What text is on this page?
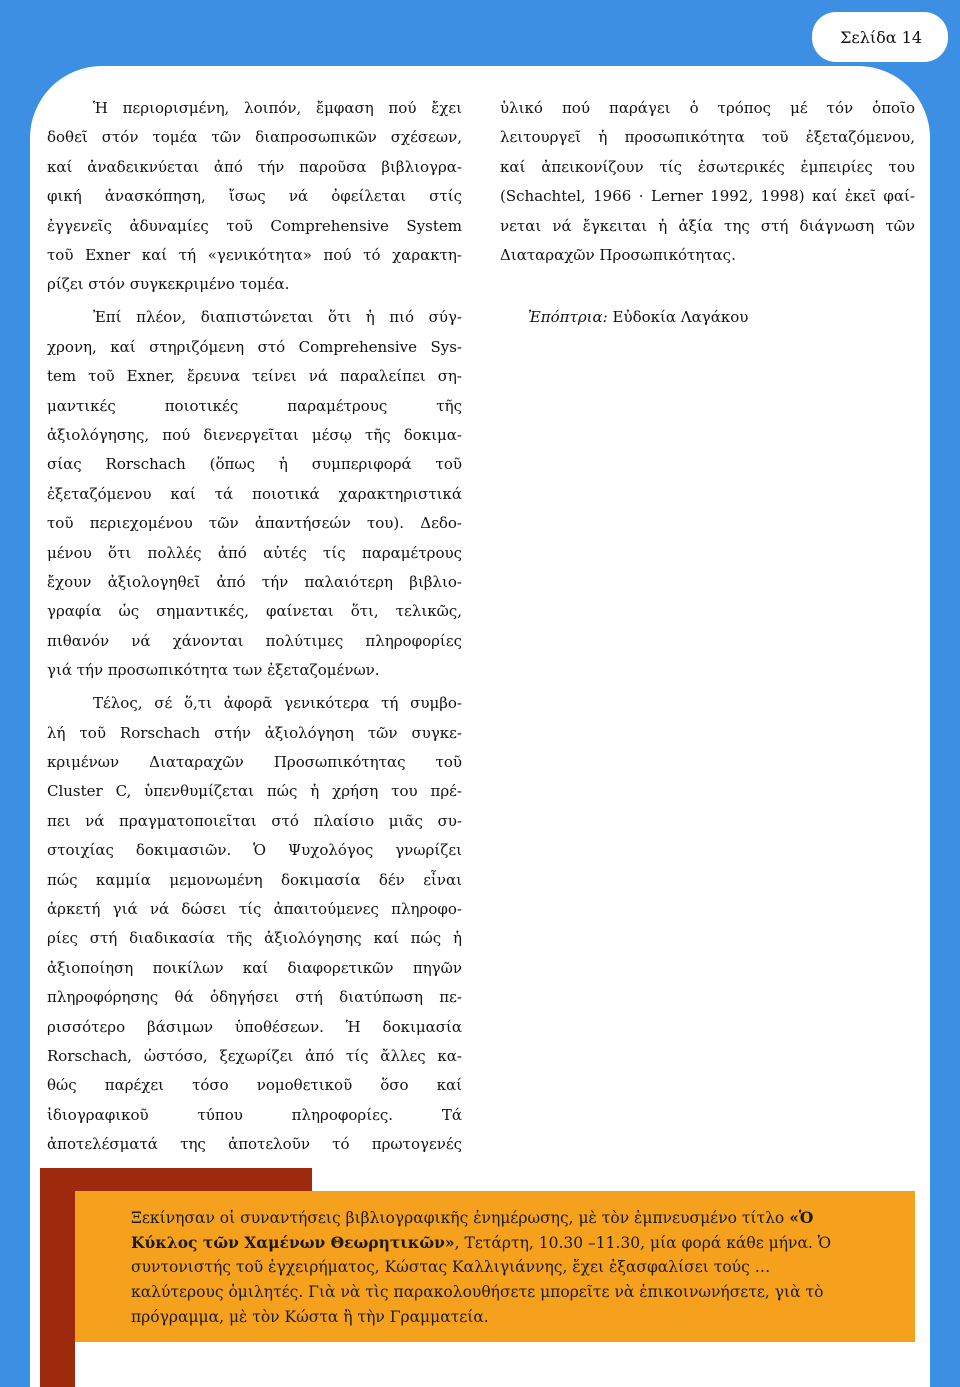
Σελίδα 14
Ἡ περιορισμένη, λοιπόν, ἔμφαση πού ἔχει
δοθεῖ στόν τομέα τῶν διαπροσωπικῶν σχέσεων,
καί ἀναδεικνύεται ἀπό τήν παροῦσα βιβλιογρα-
φική ἀνασκόπηση, ἴσως νά ὀφείλεται στίς
ἐγγενεῖς ἀδυναμίες τοῦ Comprehensive System
τοῦ Exner καί τή «γενικότητα» πού τό χαρακτη-
ρίζει στόν συγκεκριμένο τομέα.
Ἐπί πλέον, διαπιστώνεται ὅτι ἡ πιό σύγ-
χρονη, καί στηριζόμενη στό Comprehensive Sys-
tem τοῦ Exner, ἔρευνα τείνει νά παραλείπει ση-
μαντικές ποιοτικές παραμέτρους τῆς
ἀξιολόγησης, πού διενεργεῖται μέσῳ τῆς δοκιμα-
σίας Rorschach (ὅπως ἡ συμπεριφορά τοῦ
ἐξεταζόμενου καί τά ποιοτικά χαρακτηριστικά
τοῦ περιεχομένου τῶν ἀπαντήσεών του). Δεδο-
μένου ὅτι πολλές ἀπό αὐτές τίς παραμέτρους
ἔχουν ἀξιολογηθεῖ ἀπό τήν παλαιότερη βιβλιο-
γραφία ὡς σημαντικές, φαίνεται ὅτι, τελικῶς,
πιθανόν νά χάνονται πολύτιμες πληροφορίες
γιά τήν προσωπικότητα των ἐξεταζομένων.
Τέλος, σέ ὅ,τι ἀφορᾶ γενικότερα τή συμβο-
λή τοῦ Rorschach στήν ἀξιολόγηση τῶν συγκε-
κριμένων Διαταραχῶν Προσωπικότητας τοῦ
Cluster C, ὑπενθυμίζεται πώς ἡ χρήση του πρέ-
πει νά πραγματοποιεῖται στό πλαίσιο μιᾶς συ-
στοιχίας δοκιμασιῶν. Ὁ Ψυχολόγος γνωρίζει
πώς καμμία μεμονωμένη δοκιμασία δέν εἶναι
ἀρκετή γιά νά δώσει τίς ἀπαιτούμενες πληροφο-
ρίες στή διαδικασία τῆς ἀξιολόγησης καί πώς ἡ
ἀξιοποίηση ποικίλων καί διαφορετικῶν πηγῶν
πληροφόρησης θά ὁδηγήσει στή διατύπωση πε-
ρισσότερο βάσιμων ὑποθέσεων. Ἡ δοκιμασία
Rorschach, ὡστόσο, ξεχωρίζει ἀπό τίς ἄλλες κα-
θώς παρέχει τόσο νομοθετικοῦ ὅσο καί
ἰδιογραφικοῦ τύπου πληροφορίες. Τά
ἀποτελέσματά της ἀποτελοῦν τό πρωτογενές
ὑλικό πού παράγει ὁ τρόπος μέ τόν ὁποῖο
λειτουργεῖ ἡ προσωπικότητα τοῦ ἐξεταζόμενου,
καί ἀπεικονίζουν τίς ἐσωτερικές ἐμπειρίες του
(Schachtel, 1966 · Lerner 1992, 1998) καί ἐκεῖ φαί-
νεται νά ἔγκειται ἡ ἀξία της στή διάγνωση τῶν
Διαταραχῶν Προσωπικότητας.
Ἐπόπτρια: Εὐδοκία Λαγάκου
Ξεκίνησαν οἱ συναντήσεις βιβλιογραφικῆς ἐνημέρωσης, μὲ τὸν ἐμπνευσμένο τίτλο «Ὁ
Κύκλος τῶν Χαμένων Θεωρητικῶν», Τετάρτη, 10.30 –11.30, μία φορά κάθε μήνα. Ὁ
συντονιστής τοῦ ἐγχειρήματος, Κώστας Καλλιγιάννης, ἔχει ἐξασφαλίσει τούς …
καλύτερους ὁμιλητές. Γιὰ νὰ τὶς παρακολουθήσετε μπορεῖτε νὰ ἐπικοινωνήσετε, γιὰ τὸ
πρόγραμμα, μὲ τὸν Κώστα ἢ τὴν Γραμματεία.
